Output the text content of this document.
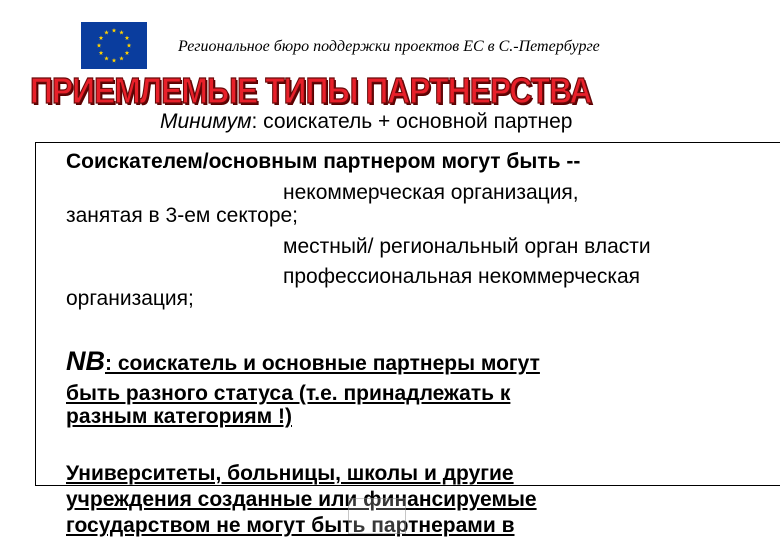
Региональное бюро поддержки проектов ЕС в С.-Петербурге
ПРИЕМЛЕМЫЕ ТИПЫ ПАРТНЕРСТВА
Минимум: соискатель + основной партнер
Соискателем/основным партнером могут быть --
некоммерческая организация,
занятая в 3-ем секторе;
местный/ региональный орган власти
профессиональная некоммерческая
организация;
NB: соискатель и основные партнеры могут
быть разного статуса (т.е. принадлежать к
разным категориям !)
Университеты, больницы, школы и другие
учреждения созданные или финансируемые
государством не могут быть партнерами в
